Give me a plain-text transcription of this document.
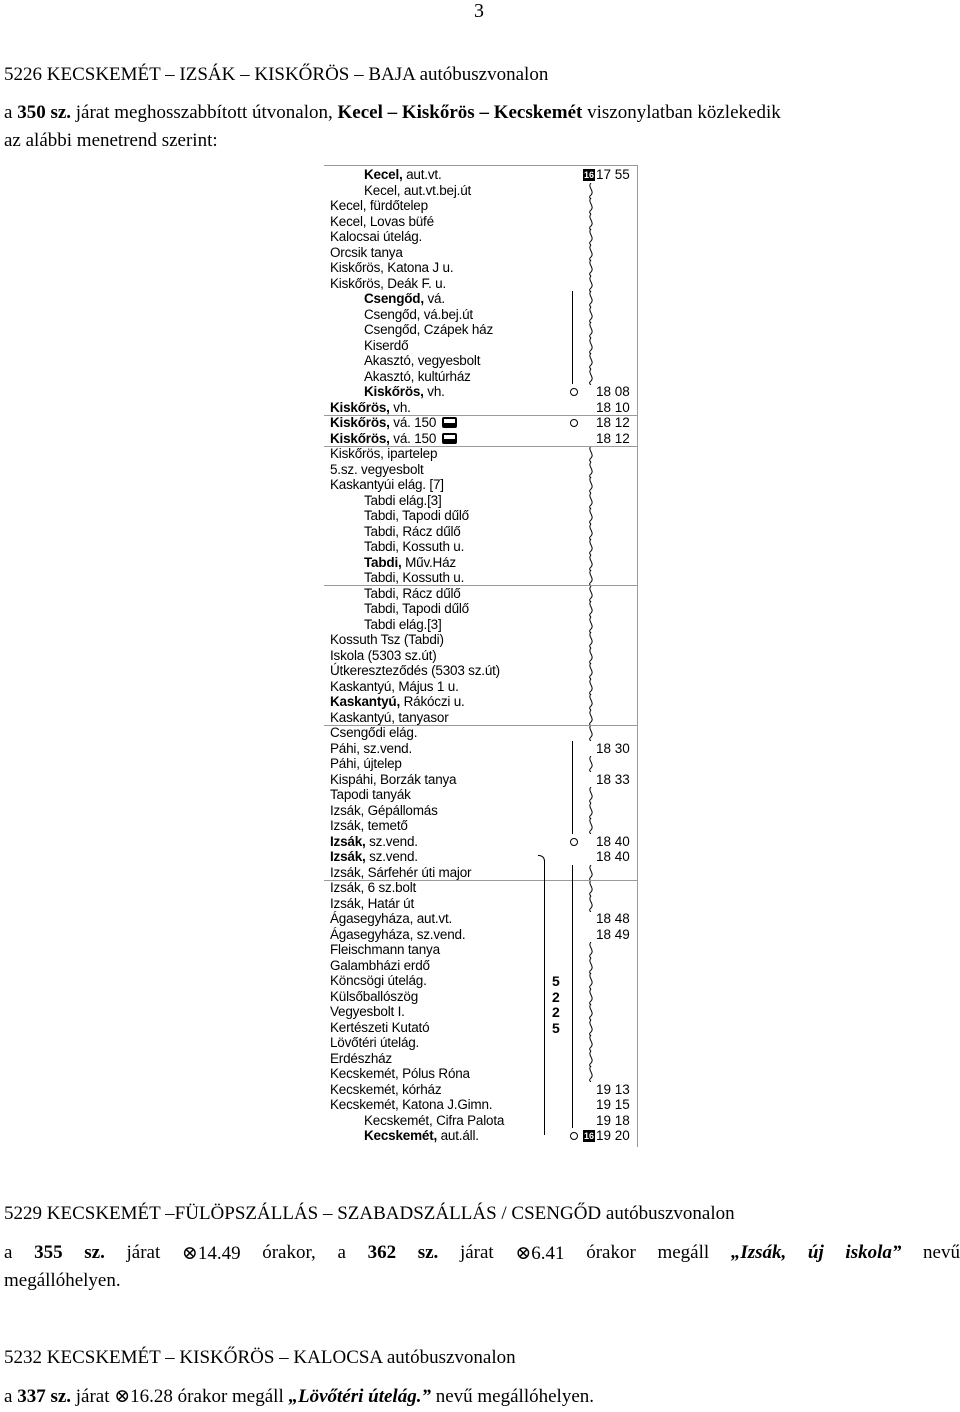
3
5226 KECSKEMÉT – IZSÁK – KISKŐRÖS – BAJA autóbuszvonalon
a 350 sz. járat meghosszabbított útvonalon, Kecel – Kiskőrös – Kecskemét viszonylatban közlekedik
az alábbi menetrend szerint:
Kecel, aut.vt.	16 17 55
Kecel, aut.vt.bej.út
Kecel, fürdőtelep
Kecel, Lovas büfé
Kalocsai útelág.
Orcsik tanya
Kiskőrös, Katona J u.
Kiskőrös, Deák F. u.
Csengőd, vá.
Csengőd, vá.bej.út
Csengőd, Czápek ház
Kiserdő
Akasztó, vegyesbolt
Akasztó, kultúrház
Kiskőrös, vh.	18 08
Kiskőrös, vh.	18 10
Kiskőrös, vá. 150	18 12
Kiskőrös, vá. 150	18 12
Kiskőrös, ipartelep
5.sz. vegyesbolt
Kaskantyúi elág. [7]
Tabdi elág.[3]
Tabdi, Tapodi dűlő
Tabdi, Rácz dűlő
Tabdi, Kossuth u.
Tabdi, Műv.Ház
Tabdi, Kossuth u.
Tabdi, Rácz dűlő
Tabdi, Tapodi dűlő
Tabdi elág.[3]
Kossuth Tsz (Tabdi)
Iskola (5303 sz.út)
Útkereszteződés (5303 sz.út)
Kaskantyú, Május 1 u.
Kaskantyú, Rákóczi u.
Kaskantyú, tanyasor
Csengődi elág.
Páhi, sz.vend.	18 30
Páhi, újtelep
Kispáhi, Borzák tanya	18 33
Tapodi tanyák
Izsák, Gépállomás
Izsák, temető
Izsák, sz.vend.	18 40
Izsák, sz.vend.	18 40
Izsák, Sárfehér úti major
Izsák, 6 sz.bolt
Izsák, Határ út
Ágasegyháza, aut.vt.	18 48
Ágasegyháza, sz.vend.	18 49
Fleischmann tanya
Galambházi erdő
Köncsögi útelág.
Külsőballószög
Vegyesbolt I.
Kertészeti Kutató
Lövőtéri útelág.
Erdészház
Kecskemét, Pólus Róna
Kecskemét, kórház	19 13
Kecskemét, Katona J.Gimn.	19 15
Kecskemét, Cifra Palota	19 18
Kecskemét, aut.áll.	16 19 20
5
2
2
5
5229 KECSKEMÉT –FÜLÖPSZÁLLÁS – SZABADSZÁLLÁS / CSENGŐD autóbuszvonalon
a 355 sz. járat ⊗14.49 órakor, a 362 sz. járat ⊗6.41 órakor megáll „Izsák, új iskola” nevű
megállóhelyen.
5232 KECSKEMÉT – KISKŐRÖS – KALOCSA autóbuszvonalon
a 337 sz. járat ⊗16.28 órakor megáll „Lövőtéri útelág.” nevű megállóhelyen.
